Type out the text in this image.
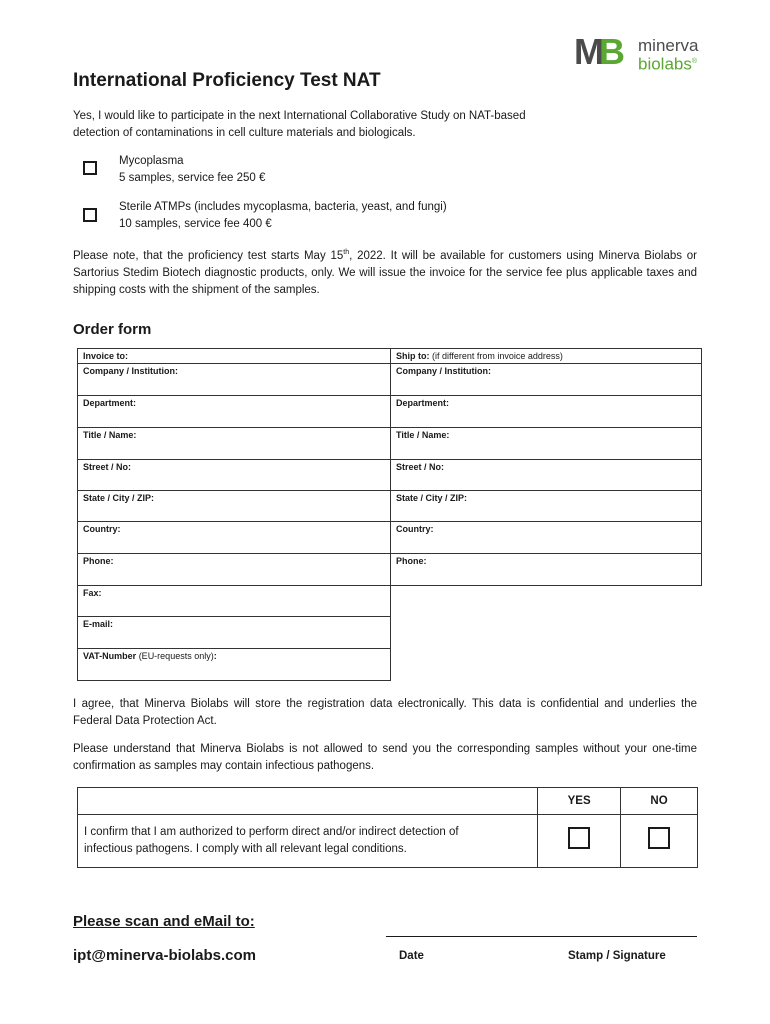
MB minerva
biolabs®
International Proficiency Test NAT
Yes, I would like to participate in the next International Collaborative Study on NAT-based
detection of contaminations in cell culture materials and biologicals.
Mycoplasma
5 samples, service fee 250 €
Sterile ATMPs (includes mycoplasma, bacteria, yeast, and fungi)
10 samples, service fee 400 €
Please note, that the proficiency test starts May 15th, 2022. It will be available for customers using Minerva Biolabs or Sartorius Stedim Biotech diagnostic products, only. We will issue the invoice for the service fee plus applicable taxes and shipping costs with the shipment of the samples.
Order form
Invoice to:	Ship to: (if different from invoice address)
Company / Institution:	Company / Institution:
Department:	Department:
Title / Name:	Title / Name:
Street / No:	Street / No:
State / City / ZIP:	State / City / ZIP:
Country:	Country:
Phone:	Phone:
Fax:
E-mail:
VAT-Number (EU-requests only):
I agree, that Minerva Biolabs will store the registration data electronically. This data is confidential and underlies the Federal Data Protection Act.
Please understand that Minerva Biolabs is not allowed to send you the corresponding samples without your one-time confirmation as samples may contain infectious pathogens.
	YES	NO

I confirm that I am authorized to perform direct and/or indirect detection of
infectious pathogens. I comply with all relevant legal conditions.		

Please scan and eMail to:
ipt@minerva-biolabs.com	Date	Stamp / Signature
